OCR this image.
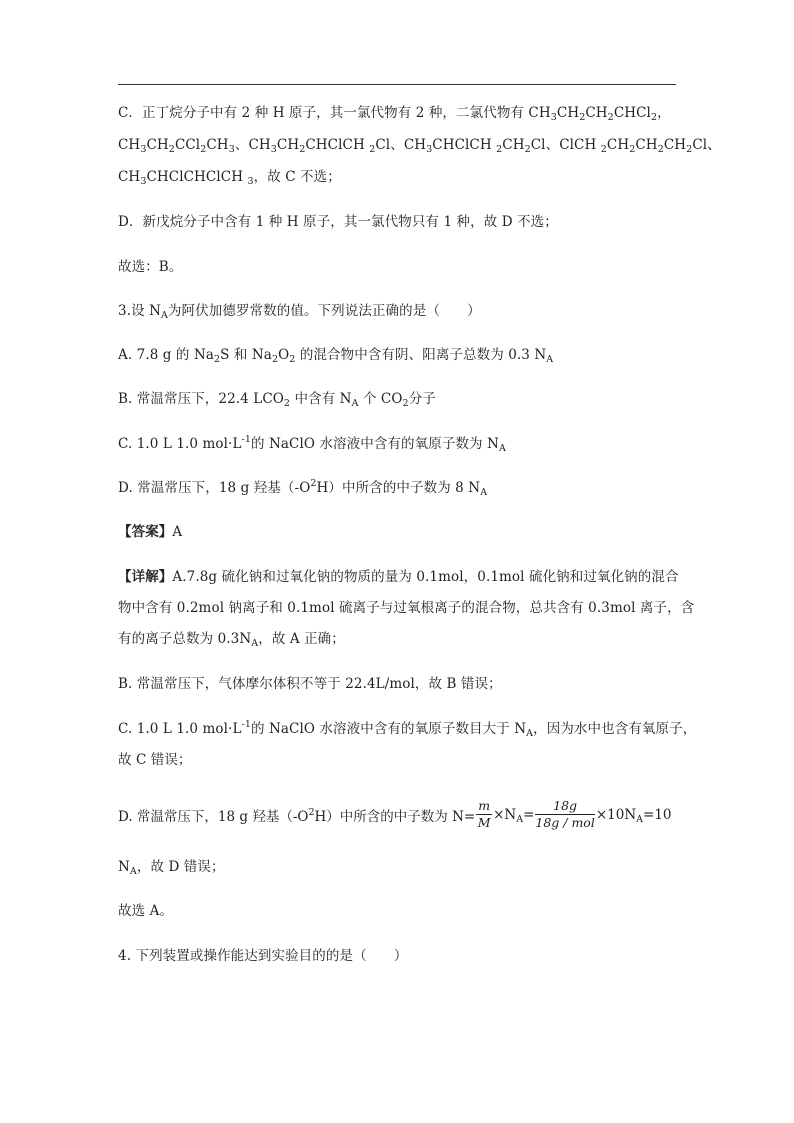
C．正丁烷分子中有 2 种 H 原子，其一氯代物有 2 种，二氯代物有 $CH_3CH_2CH_2CHCl_2$，
$CH_3CH_2CCl_2CH_3$、$CH_3CH_2CHClCH$ $_2$Cl、$CH_3CHClCH$ $_2CH_2Cl$、ClCH $_2CH_2CH_2CH_2Cl$、
$CH_3CHClCHClCH$ $_3$，故 C 不选；
D．新戊烷分子中含有 1 种 H 原子，其一氯代物只有 1 种，故 D 不选；
故选：B。
3.设 $N_A$为阿伏加德罗常数的值。下列说法正确的是（　　）
A. 7.8 g 的 $Na_2S$ 和 $Na_2O_2$ 的混合物中含有阴、阳离子总数为 0.3 $N_A$
B. 常温常压下，22.4 $LCO_2$ 中含有 $N_A$ 个 $CO_2$分子
C. 1.0 L 1.0 $mol\cdot L^{-1}$的 NaClO 水溶液中含有的氧原子数为 $N_A$
D. 常温常压下，18 g 羟基$(-O^2H)$中所含的中子数为 8 $N_A$
【答案】A
【详解】A.7.8g 硫化钠和过氧化钠的物质的量为 0.1mol，0.1mol 硫化钠和过氧化钠的混合
物中含有 0.2mol 钠离子和 0.1mol 硫离子与过氧根离子的混合物，总共含有 0.3mol 离子，含
有的离子总数为 $0.3N_A$，故 A 正确；
B. 常温常压下，气体摩尔体积不等于 22.4L/mol，故 B 错误；
C. 1.0 L 1.0 $mol\cdot L^{-1}$的 NaClO 水溶液中含有的氧原子数目大于 $N_A$，因为水中也含有氧原子，
故 C 错误；
D. 常温常压下，18 g 羟基$(-O^2H)$中所含的中子数为 $N= \frac{m}{M} \times N_A= \frac{18g}{\text{18g / mol}} \times 10N_A=10$
$N_A$，故 D 错误；
故选 A。
4. 下列装置或操作能达到实验目的的是（　　）
